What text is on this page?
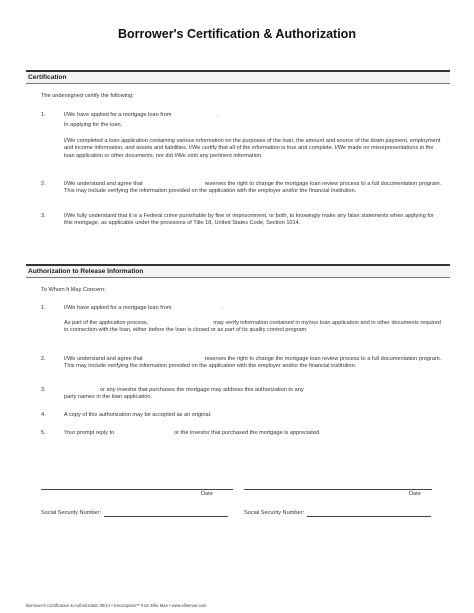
Borrower's Certification & Authorization
Certification
The undersigned certify the following:
1.	I/We have applied for a mortgage loan from	.
In applying for the loan,
I/We completed a loan application containing various information on the purposes of the loan, the amount and source of the down payment, employment and income information, and assets and liabilities. I/We certify that all of the information is true and complete. I/We made no misrepresentations in the loan application or other documents, nor did I/We omit any pertinent information.
2.	I/We understand and agree that	reserves the right to change the mortgage loan review process to a full documentation program. This may include verifying the information provided on the application with the employer and/or the financial institution.
3.	I/We fully understand that it is a Federal crime punishable by fine or imprisonment, or both, to knowingly make any false statements when applying for this mortgage, as applicable under the provisions of Title 18, United States Code, Section 1014.
Authorization to Release Information
To Whom It May Concern:
1.	I/We have applied for a mortgage loan from	.
As part of the application process,	may verify information contained in my/our loan application and in other documents required in connection with the loan, either before the loan is closed or as part of its quality control program.
2.	I/We understand and agree that	reserves the right to change the mortgage loan review process to a full documentation program. This may include verifying the information provided on the application with the employer and/or the financial institution.
3.	or any investor that purchases the mortgage may address this authorization to any
party names in the loan application.
4.	A copy of this authorization may be accepted as an original.
5.	Your prompt reply to	or the investor that purchased the mortgage is appreciated.
Date
Social Security Number:
Date
Social Security Number:
Borrower's Certification & Authorization 09/14 • Encompass™ from Ellie Mae • www.elliemae.com
